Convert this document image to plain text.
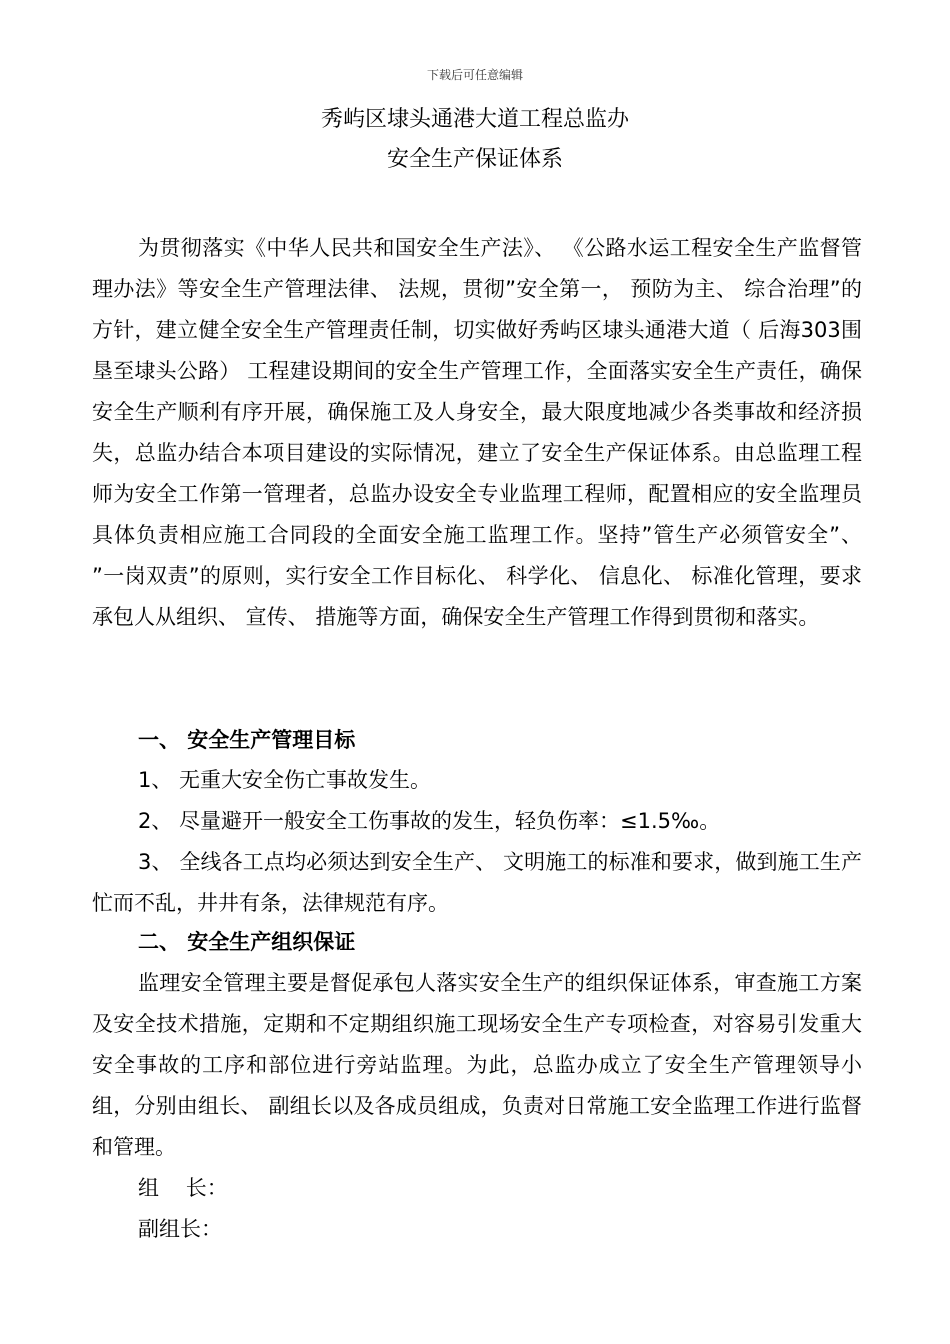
下载后可任意编辑
秀屿区埭头通港大道工程总监办
安全生产保证体系

为贯彻落实《中华人民共和国安全生产法》、 《公路水运工程安全生产监督管理办法》等安全生产管理法律、 法规，贯彻”安全第一， 预防为主、 综合治理”的方针，建立健全安全生产管理责任制，切实做好秀屿区埭头通港大道（ 后海303围垦至埭头公路） 工程建设期间的安全生产管理工作，全面落实安全生产责任，确保安全生产顺利有序开展，确保施工及人身安全，最大限度地减少各类事故和经济损失，总监办结合本项目建设的实际情况，建立了安全生产保证体系。由总监理工程师为安全工作第一管理者，总监办设安全专业监理工程师，配置相应的安全监理员具体负责相应施工合同段的全面安全施工监理工作。坚持”管生产必须管安全”、 ”一岗双责”的原则，实行安全工作目标化、 科学化、 信息化、 标准化管理，要求承包人从组织、 宣传、 措施等方面，确保安全生产管理工作得到贯彻和落实。

一、 安全生产管理目标

1、 无重大安全伤亡事故发生。

2、 尽量避开一般安全工伤事故的发生，轻负伤率：≤1.5‰。

3、 全线各工点均必须达到安全生产、 文明施工的标准和要求，做到施工生产忙而不乱，井井有条，法律规范有序。

二、 安全生产组织保证

监理安全管理主要是督促承包人落实安全生产的组织保证体系，审查施工方案及安全技术措施，定期和不定期组织施工现场安全生产专项检查，对容易引发重大安全事故的工序和部位进行旁站监理。为此，总监办成立了安全生产管理领导小组，分别由组长、 副组长以及各成员组成，负责对日常施工安全监理工作进行监督和管理。

组    长：
副组长：
